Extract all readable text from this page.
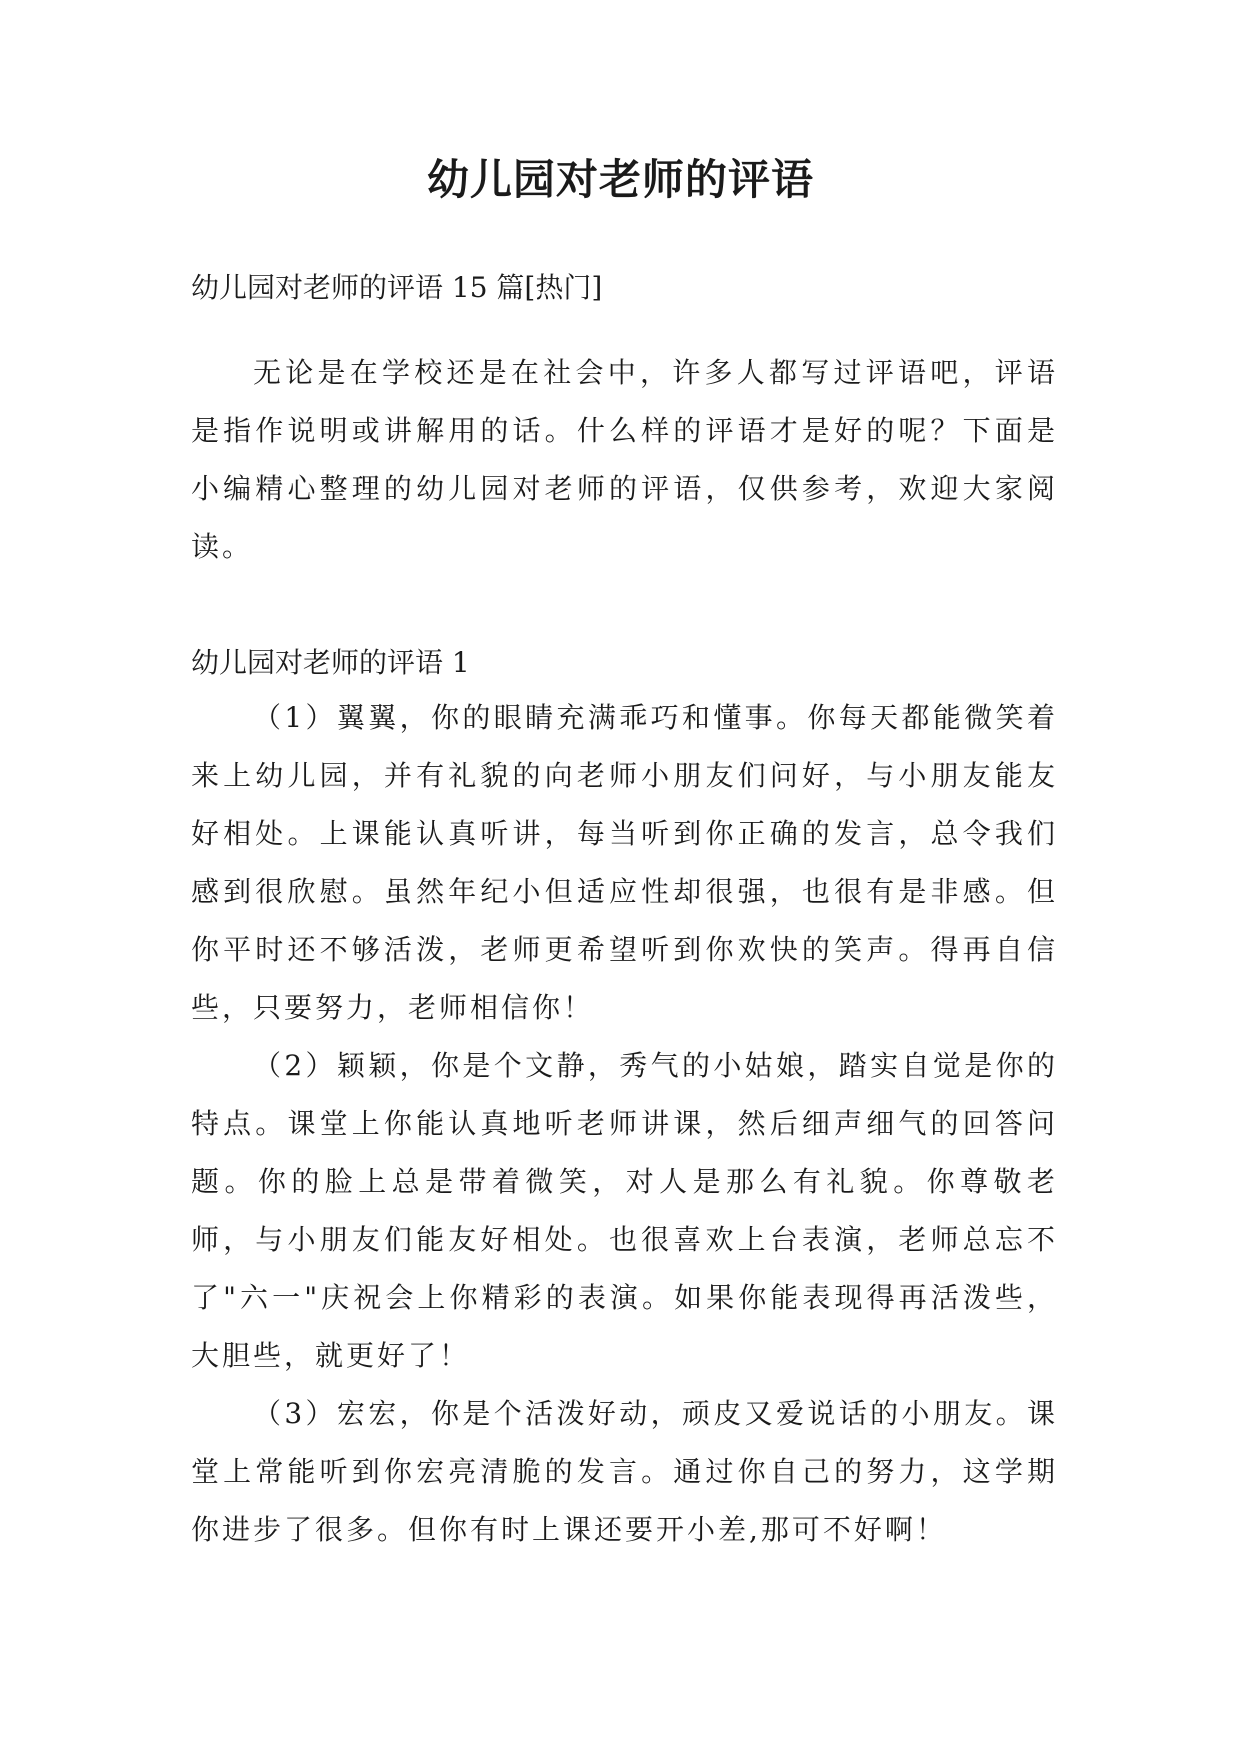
幼儿园对老师的评语
幼儿园对老师的评语 15 篇[热门]

无论是在学校还是在社会中，许多人都写过评语吧，评语是指作说明或讲解用的话。什么样的评语才是好的呢？下面是小编精心整理的幼儿园对老师的评语，仅供参考，欢迎大家阅读。

幼儿园对老师的评语 1

（1）翼翼，你的眼睛充满乖巧和懂事。你每天都能微笑着来上幼儿园，并有礼貌的向老师小朋友们问好，与小朋友能友好相处。上课能认真听讲，每当听到你正确的发言，总令我们感到很欣慰。虽然年纪小但适应性却很强，也很有是非感。但你平时还不够活泼，老师更希望听到你欢快的笑声。得再自信些，只要努力，老师相信你！

（2）颖颖，你是个文静，秀气的小姑娘，踏实自觉是你的特点。课堂上你能认真地听老师讲课，然后细声细气的回答问题。你的脸上总是带着微笑，对人是那么有礼貌。你尊敬老师，与小朋友们能友好相处。也很喜欢上台表演，老师总忘不了"六一"庆祝会上你精彩的表演。如果你能表现得再活泼些，大胆些，就更好了！

（3）宏宏，你是个活泼好动，顽皮又爱说话的小朋友。课堂上常能听到你宏亮清脆的发言。通过你自己的努力，这学期你进步了很多。但你有时上课还要开小差,那可不好啊！
